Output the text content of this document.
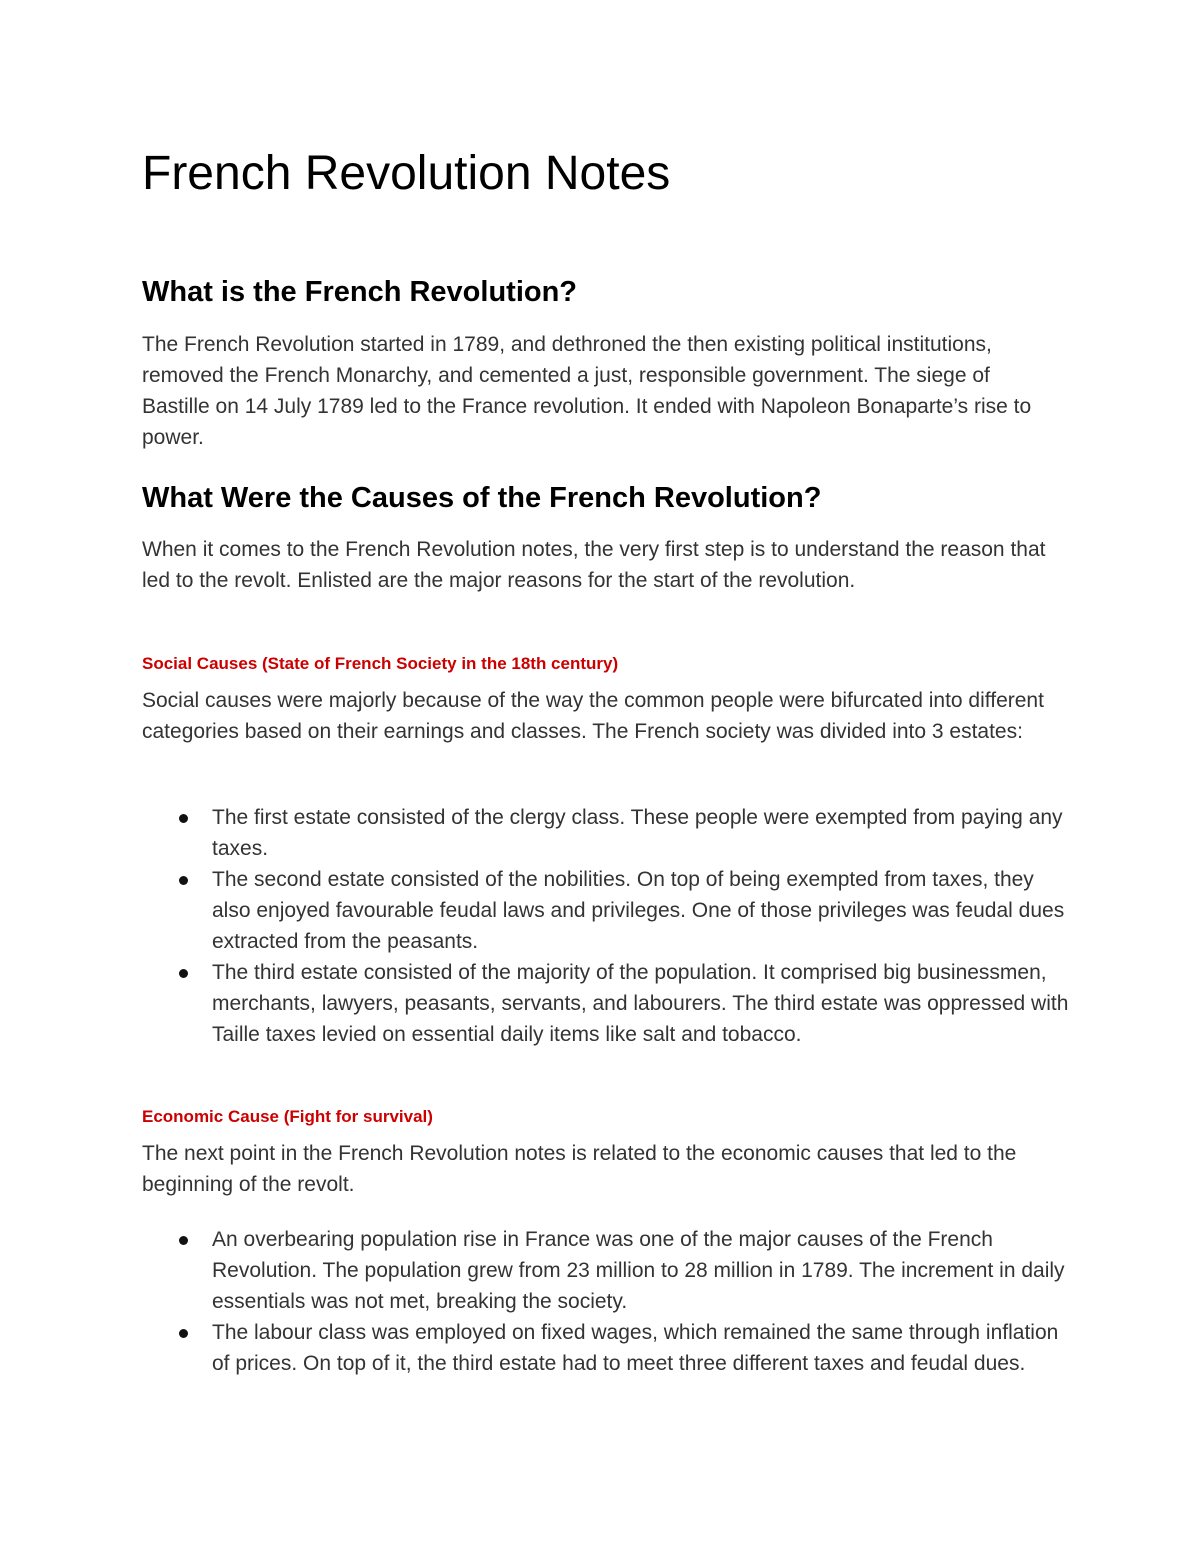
French Revolution Notes
What is the French Revolution?

The French Revolution started in 1789, and dethroned the then existing political institutions, removed the French Monarchy, and cemented a just, responsible government. The siege of Bastille on 14 July 1789 led to the France revolution. It ended with Napoleon Bonaparte’s rise to power.

What Were the Causes of the French Revolution?

When it comes to the French Revolution notes, the very first step is to understand the reason that led to the revolt. Enlisted are the major reasons for the start of the revolution.

Social Causes (State of French Society in the 18th century)

Social causes were majorly because of the way the common people were bifurcated into different categories based on their earnings and classes. The French society was divided into 3 estates:

The first estate consisted of the clergy class. These people were exempted from paying any taxes.
The second estate consisted of the nobilities. On top of being exempted from taxes, they also enjoyed favourable feudal laws and privileges. One of those privileges was feudal dues extracted from the peasants.
The third estate consisted of the majority of the population. It comprised big businessmen, merchants, lawyers, peasants, servants, and labourers. The third estate was oppressed with Taille taxes levied on essential daily items like salt and tobacco.
Economic Cause (Fight for survival)

The next point in the French Revolution notes is related to the economic causes that led to the beginning of the revolt.

An overbearing population rise in France was one of the major causes of the French Revolution. The population grew from 23 million to 28 million in 1789. The increment in daily essentials was not met, breaking the society.
The labour class was employed on fixed wages, which remained the same through inflation of prices. On top of it, the third estate had to meet three different taxes and feudal dues.
